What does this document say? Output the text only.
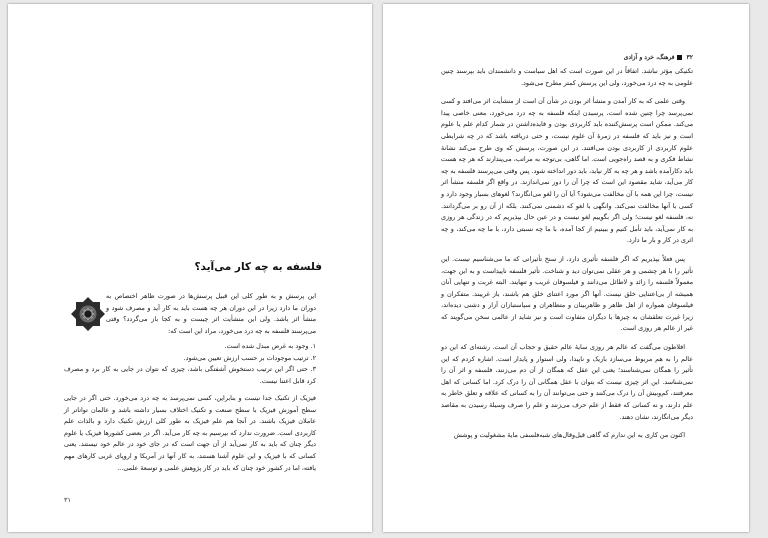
فلسفه به چه کار می‌آید؟
این پرسش و به طور کلی این قبیل پرسش‌ها در صورت ظاهر اختصاص به دوران ما دارد زیرا در این دوران هر چه هست باید به کار آید و مصرف شود و منشأ اثر باشد. ولی این منشأیت اثر چیست و به کجا باز می‌گردد؟ وقتی می‌پرسند فلسفه به چه درد می‌خورد، مراد این است که:

۱. وجود به غرض مبدل شده است.

۲. ترتیب موجودات بر حسب ارزش تعیین می‌شود.

۳. حتی اگر این ترتیب دستخوش آشفتگی باشد، چیزی که نتوان در جایی به کار برد و مصرف کرد قابل اعتنا نیست.

فیزیک از تکنیک جدا نیست و بنابراین، کسی نمی‌پرسد به چه درد می‌خورد. حتی اگر در جایی سطح آموزش فیزیک با سطح صنعت و تکنیک اختلاف بسیار داشته باشد و عالمان تواناتر از عاملان فیزیک باشند. در آنجا هم علم فیزیک به طور کلی ارزش تکنیک دارد و بالذات علم کاربردی است. ضرورت ندارد که بپرسیم به چه کار می‌آید. اگر در بعضی کشورها فیزیک یا علوم دیگر چنان که باید به کار نمی‌آید از آن جهت است که در جای خود در عالم خود نیستند. یعنی کسانی که با فیزیک و این علوم آشنا هستند، به کار آنها در آمریکا و اروپای غربی کارهای مهم یافته، اما در کشور خود چنان که باید در کار پژوهش علمی و توسعهٔ علمی...
۳۱
۳۲فرهنگ، خرد و آزادی

تکنیکی مؤثر نباشد. اتفاقاً در این صورت است که اهل سیاست و دانشمندان باید بپرسند چنین علومی به چه درد می‌خورد، ولی این پرسش کمتر مطرح می‌شود.

وقتی علمی که به کار آمدن و منشأ اثر بودن در شأن آن است از منشأیت اثر می‌افتد و کسی نمی‌پرسد چرا چنین شده است، پرسیدن اینکه فلسفه به چه درد می‌خورد، معنی خاصی پیدا می‌کند. ممکن است پرسش‌کننده باید کاربردی بودن و فایده‌داشتن در شمار کدام علم یا علوم است و نیز باید که فلسفه در زمرهٔ آن علوم نیست، و حتی دریافته باشد که در چه شرایطی علوم کاربردی از کاربردی بودن می‌افتند. در این صورت، پرسش که وی طرح می‌کند نشانهٔ نشاط فکری و به قصد راه‌جویی است. اما گاهی، بی‌توجه به مراتب، می‌پندارند که هر چه هست باید دکارآمده باشد و هر چه به کار نیاید، باید دور انداخته شود. پس وقتی می‌پرسند فلسفه به چه کار می‌آید، شاید مقصود این است که چرا آن را دور نمی‌اندازند. در واقع اگر فلسفه منشأ اثر نیست، چرا این همه با آن مخالفت می‌شود؟ آیا آن را لغو می‌انگارند؟ لغوهای بسیار وجود دارد و کسی با آنها مخالفت نمی‌کند. وانگهی با لغو که دشمنی نمی‌کنند. بلکه از آن رو بر می‌گردانند. نه، فلسفه لغو نیست؛ ولی اگر بگوییم لغو نیست و در عین حال بپذیریم که در زندگی هر روزی به کار نمی‌آید، باید تأمل کنیم و ببینیم از کجا آمده، با ما چه نسبتی دارد، با ما چه می‌کند، و چه اثری در کار و بار ما دارد.

پس فعلاً بپذیریم که اگر فلسفه تأثیری دارد، از سنخ تأثیراتی که ما می‌شناسیم نیست. این تأثیر را با هر چشمی و هر عقلی نمی‌توان دید و شناخت. تأثیر فلسفه ناپیداست و به این جهت، معمولاً فلسفه را زائد و لاطائل می‌دانند و فیلسوفان غریب و تنهایند. البته غربت و تنهایی آنان همیشه از بی‌اعتنایی خلق نیست. آنها اگر مورد اعتنای خلق هم باشند، باز غریبند. متفکران و فیلسوفان همواره از اهل ظاهر و ظاهربینان و متظاهران و سیاستبازان آزار و دشنی دیده‌اند، زیرا غیرت تعلقشان به چیزها با دیگران متفاوت است و نیز شاید از عالمی سخن می‌گویند که غیر از عالم هر روزی است.

افلاطون می‌گفت که عالم هر روزی سایهٔ عالم حقیق و حجاب آن است. رشته‌ای که این دو عالم را به هم مربوط می‌سازد باریک و ناپیدا، ولی استوار و پایدار است. اشاره کردم که این تأثیر را همگان نمی‌شناسند؛ یعنی این عقل که همگان از آن دم می‌زنند، فلسفه و اثر آن را نمی‌شناسد. این اثر چیزی نیست که بتوان با عقل همگانی آن را درک کرد. اما کسانی که اهل معرفتند، کم‌وبیش آن را درک می‌کنند و حتی می‌توانند آن را به کسانی که علاقه و تعلق خاطر به علم دارند، و نه کسانی که فقط از علم حرف می‌زنند و علم را صرف وسیلهٔ رسیدن به مقاصد دیگر می‌انگارند، نشان دهند.

اکنون من کاری به این ندارم که گاهی قیل‌وقال‌های شبه‌فلسفی مایهٔ مشغولیت و پوشش
